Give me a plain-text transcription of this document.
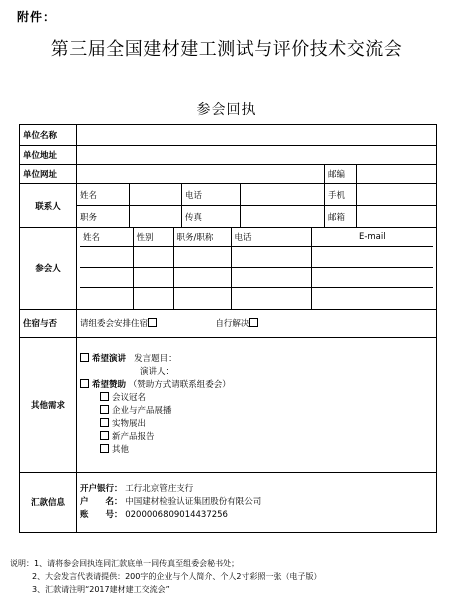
附件：
第三届全国建材建工测试与评价技术交流会
参会回执
单位名称	
单位地址	
单位网址		邮编	
联系人	姓名		电话		手机	
职务		传真		邮箱	
参会人	
姓名	性别	职务/职称	电话	E-mail

住宿与否	请组委会安排住宿	自行解决
其他需求	
希望演讲 发言题目：
演讲人：
希望赞助 （赞助方式请联系组委会）
会议冠名
企业与产品展播
实物展出
新产品报告
其他

汇款信息	
开户银行： 工行北京管庄支行
户　　名： 中国建材检验认证集团股份有限公司
账　　号： 0200006809014437256
说明：1、请将参会回执连同汇款底单一同传真至组委会秘书处；
2、大会发言代表请提供：200字的企业与个人简介、个人2寸彩照一张（电子版）
3、汇款请注明“2017建材建工交流会”
